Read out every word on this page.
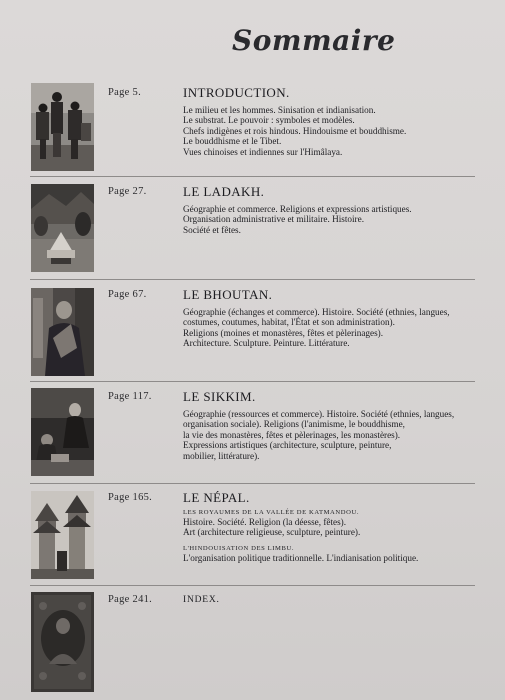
Sommaire
Page 5.	INTRODUCTION.
Le milieu et les hommes. Sinisation et indianisation.
Le substrat. Le pouvoir : symboles et modèles.
Chefs indigènes et rois hindous. Hindouisme et bouddhisme.
Le bouddhisme et le Tibet.
Vues chinoises et indiennes sur l'Himâlaya.
Page 27.	LE LADAKH.
Géographie et commerce. Religions et expressions artistiques.
Organisation administrative et militaire. Histoire.
Société et fêtes.
Page 67.	LE BHOUTAN.
Géographie (échanges et commerce). Histoire. Société (ethnies, langues,
costumes, coutumes, habitat, l'État et son administration).
Religions (moines et monastères, fêtes et pèlerinages).
Architecture. Sculpture. Peinture. Littérature.
Page 117. LE SIKKIM.
Géographie (ressources et commerce). Histoire. Société (ethnies, langues,
organisation sociale). Religions (l'animisme, le bouddhisme,
la vie des monastères, fêtes et pèlerinages, les monastères).
Expressions artistiques (architecture, sculpture, peinture,
mobilier, littérature).
Page 165. LE NÉPAL.
LES ROYAUMES DE LA VALLÉE DE KATMANDOU.
Histoire. Société. Religion (la déesse, fêtes).
Art (architecture religieuse, sculpture, peinture).
L'HINDOUISATION DES LIMBU.
L'organisation politique traditionnelle. L'indianisation politique.
Page 241.	INDEX.
